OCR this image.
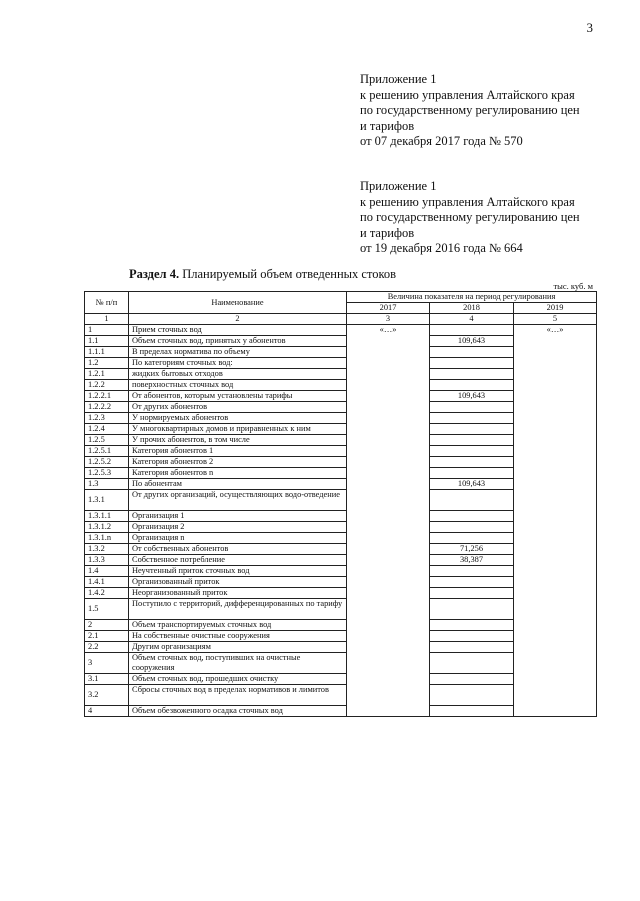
3
Приложение 1
к решению управления Алтайского края
по государственному регулированию цен
и тарифов
от 07 декабря 2017 года № 570
Приложение 1
к решению управления Алтайского края
по государственному регулированию цен
и тарифов
от 19 декабря 2016 года № 664
Раздел 4. Планируемый объем отведенных стоков
тыс. куб. м
№ п/п	Наименование	Величина показателя на период регулирования		
		2017	2018	2019
1	2	3	4	5
1	Прием сточных вод	«…»		«…»
1.1	Объем сточных вод, принятых у абонентов		109,643	
1.1.1	В пределах норматива по объему			
1.2	По категориям сточных вод:			
1.2.1	жидких бытовых отходов			
1.2.2	поверхностных сточных вод			
1.2.2.1	От абонентов, которым установлены тарифы		109,643	
1.2.2.2	От других абонентов			
1.2.3	У нормируемых абонентов			
1.2.4	У многоквартирных домов и приравненных к ним			
1.2.5	У прочих абонентов, в том числе			
1.2.5.1	Категория абонентов 1			
1.2.5.2	Категория абонентов 2			
1.2.5.3	Категория абонентов n			
1.3	По абонентам		109,643	
1.3.1	От других организаций, осуществляющих водо-отведение			
1.3.1.1	Организация 1			
1.3.1.2	Организация 2			
1.3.1.n	Организация n			
1.3.2	От собственных абонентов		71,256	
1.3.3	Собственное потребление		38,387	
1.4	Неучтенный приток сточных вод			
1.4.1	Организованный приток			
1.4.2	Неорганизованный приток			
1.5	Поступило с территорий, дифференцированных по тарифу			
2	Объем транспортируемых сточных вод			
2.1	На собственные очистные сооружения			
2.2	Другим организациям			
3	Объем сточных вод, поступивших на очистные сооружения			
3.1	Объем сточных вод, прошедших очистку			
3.2	Сбросы сточных вод в пределах нормативов и лимитов			
4	Объем обезвоженного осадка сточных вод			
